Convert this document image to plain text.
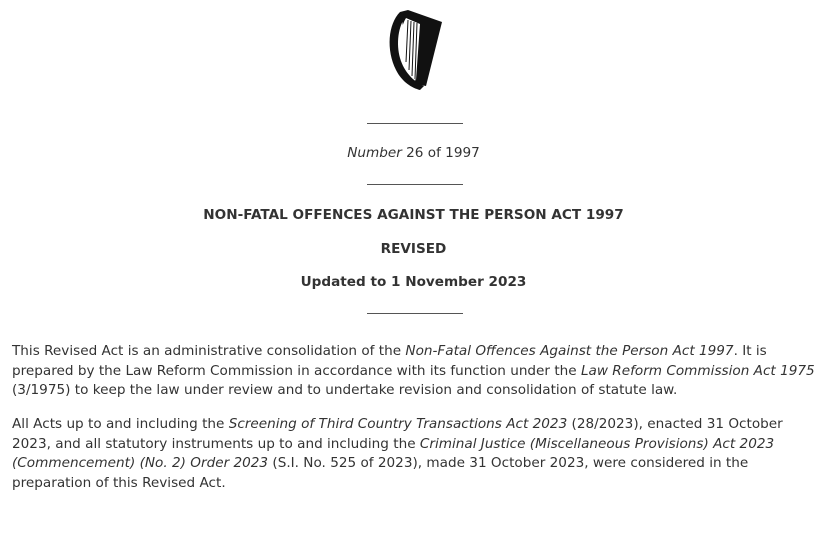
Number 26 of 1997
NON-FATAL OFFENCES AGAINST THE PERSON ACT 1997
REVISED
Updated to 1 November 2023

This Revised Act is an administrative consolidation of the Non-Fatal Offences Against the Person Act 1997. It is prepared by the Law Reform Commission in accordance with its function under the Law Reform Commission Act 1975 (3/1975) to keep the law under review and to undertake revision and consolidation of statute law.

All Acts up to and including the Screening of Third Country Transactions Act 2023 (28/2023), enacted 31 October 2023, and all statutory instruments up to and including the Criminal Justice (Miscellaneous Provisions) Act 2023 (Commencement) (No. 2) Order 2023 (S.I. No. 525 of 2023), made 31 October 2023, were considered in the preparation of this Revised Act.
